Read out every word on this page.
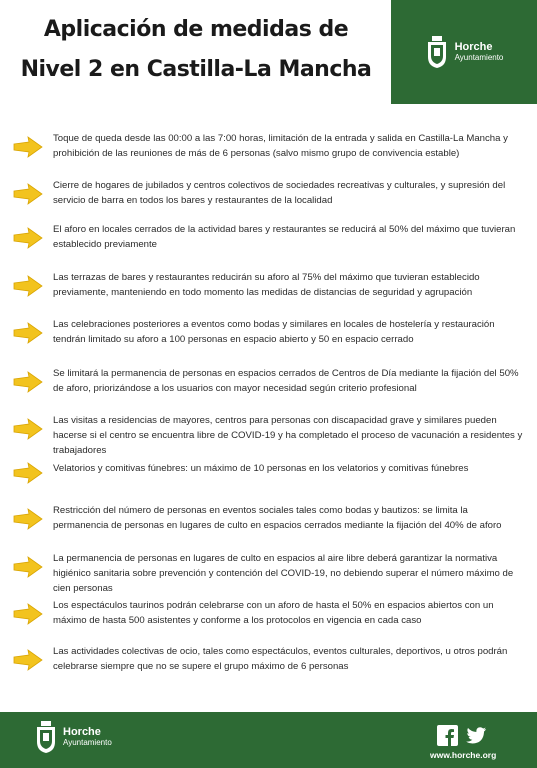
Aplicación de medidas de
Nivel 2 en Castilla-La Mancha
Horche
Ayuntamiento
Toque de queda desde las 00:00 a las 7:00 horas, limitación de la entrada y salida en Castilla-La Mancha y prohibición de las reuniones de más de 6 personas (salvo mismo grupo de convivencia estable)
Cierre de hogares de jubilados y centros colectivos de sociedades recreativas y culturales, y supresión del servicio de barra en todos los bares y restaurantes de la localidad
El aforo en locales cerrados de la actividad bares y restaurantes se reducirá al 50% del máximo que tuvieran establecido previamente
Las terrazas de bares y restaurantes reducirán su aforo al 75% del máximo que tuvieran establecido previamente, manteniendo en todo momento las medidas de distancias de seguridad y agrupación
Las celebraciones posteriores a eventos como bodas y similares en locales de hostelería y restauración tendrán limitado su aforo a 100 personas en espacio abierto y 50 en espacio cerrado
Se limitará la permanencia de personas en espacios cerrados de Centros de Día mediante la fijación del 50% de aforo, priorizándose a los usuarios con mayor necesidad según criterio profesional
Las visitas a residencias de mayores, centros para personas con discapacidad grave y similares pueden hacerse si el centro se encuentra libre de COVID-19 y ha completado el proceso de vacunación a residentes y trabajadores
Velatorios y comitivas fúnebres: un máximo de 10 personas en los velatorios y comitivas fúnebres
Restricción del número de personas en eventos sociales tales como bodas y bautizos: se limita la permanencia de personas en lugares de culto en espacios cerrados mediante la fijación del 40% de aforo
La permanencia de personas en lugares de culto en espacios al aire libre deberá garantizar la normativa higiénico sanitaria sobre prevención y contención del COVID-19, no debiendo superar el número máximo de cien personas
Los espectáculos taurinos podrán celebrarse con un aforo de hasta el 50% en espacios abiertos con un máximo de hasta 500 asistentes y conforme a los protocolos en vigencia en cada caso
Las actividades colectivas de ocio, tales como espectáculos, eventos culturales, deportivos, u otros podrán celebrarse siempre que no se supere el grupo máximo de 6 personas
Horche
Ayuntamiento
www.horche.org
